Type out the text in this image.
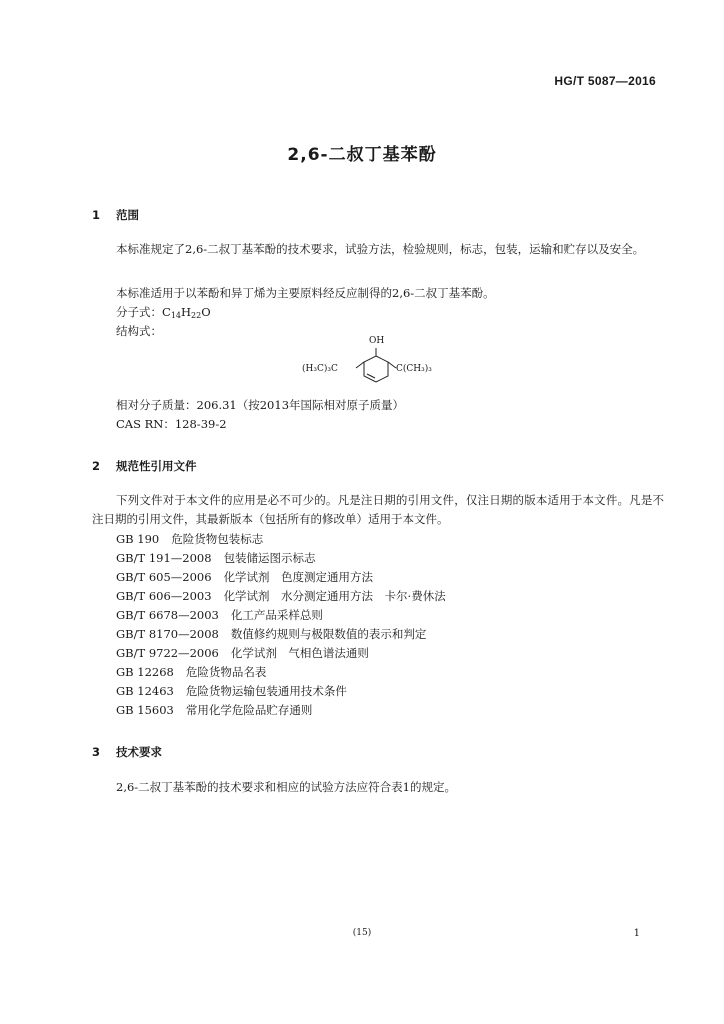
HG/T 5087—2016
2,6-二叔丁基苯酚
1 范围
本标准规定了2,6-二叔丁基苯酚的技术要求，试验方法，检验规则，标志，包装，运输和贮存以及安全。
本标准适用于以苯酚和异丁烯为主要原料经反应制得的2,6-二叔丁基苯酚。
分子式：C14H22O
结构式：
OH
(H₃C)₃C	C(CH₃)₃
相对分子质量：206.31（按2013年国际相对原子质量）
CAS RN：128-39-2
2 规范性引用文件
下列文件对于本文件的应用是必不可少的。凡是注日期的引用文件，仅注日期的版本适用于本文件。凡是不注日期的引用文件，其最新版本（包括所有的修改单）适用于本文件。
GB 190 危险货物包装标志
GB/T 191—2008 包装储运图示标志
GB/T 605—2006 化学试剂　色度测定通用方法
GB/T 606—2003 化学试剂　水分测定通用方法　卡尔·费休法
GB/T 6678—2003 化工产品采样总则
GB/T 8170—2008 数值修约规则与极限数值的表示和判定
GB/T 9722—2006 化学试剂　气相色谱法通则
GB 12268 危险货物品名表
GB 12463 危险货物运输包装通用技术条件
GB 15603 常用化学危险品贮存通则
3 技术要求
2,6-二叔丁基苯酚的技术要求和相应的试验方法应符合表1的规定。
(15)	1
